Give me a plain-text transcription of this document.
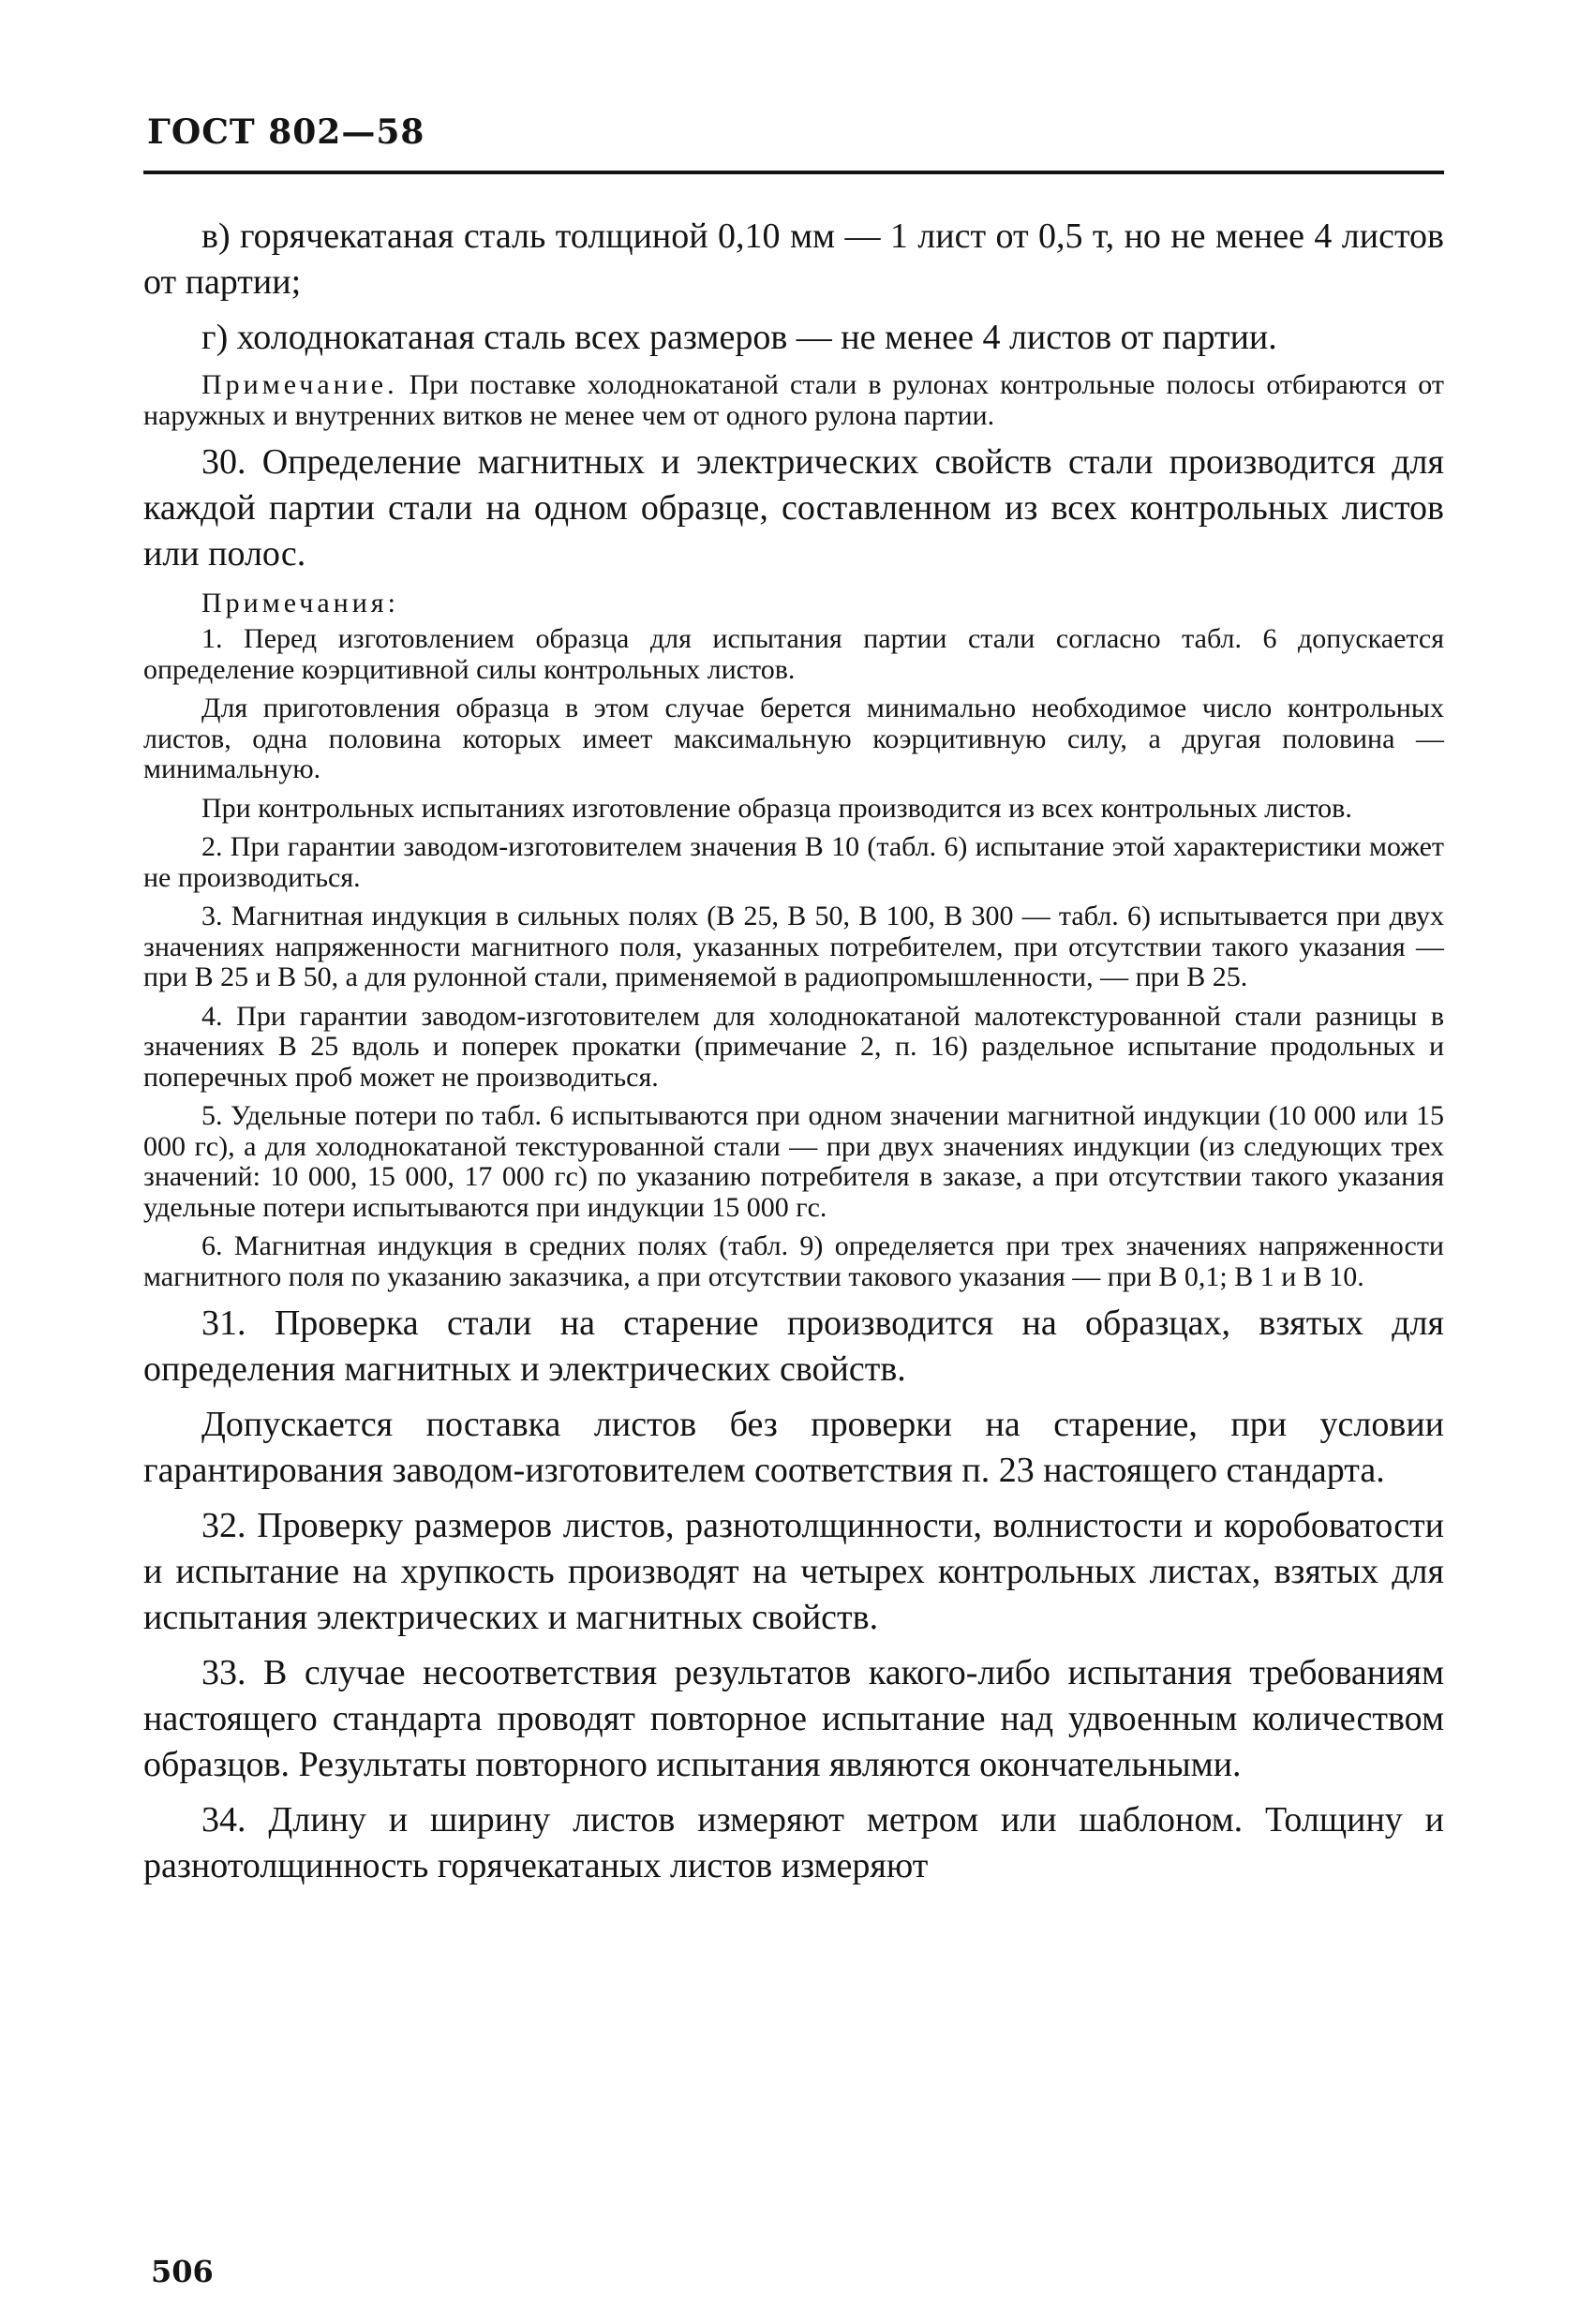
ГОСТ 802—58

в) горячекатаная сталь толщиной 0,10 мм — 1 лист от 0,5 т, но не менее 4 листов от партии;

г) холоднокатаная сталь всех размеров — не менее 4 листов от партии.

Примечание. При поставке холоднокатаной стали в рулонах контрольные полосы отбираются от наружных и внутренних витков не менее чем от одного рулона партии.

30. Определение магнитных и электрических свойств стали производится для каждой партии стали на одном образце, составленном из всех контрольных листов или полос.

Примечания:

1. Перед изготовлением образца для испытания партии стали согласно табл. 6 допускается определение коэрцитивной силы контрольных листов.

Для приготовления образца в этом случае берется минимально необходимое число контрольных листов, одна половина которых имеет максимальную коэрцитивную силу, а другая половина — минимальную.

При контрольных испытаниях изготовление образца производится из всех контрольных листов.

2. При гарантии заводом-изготовителем значения В 10 (табл. 6) испытание этой характеристики может не производиться.

3. Магнитная индукция в сильных полях (В 25, В 50, В 100, В 300 — табл. 6) испытывается при двух значениях напряженности магнитного поля, указанных потребителем, при отсутствии такого указания — при В 25 и В 50, а для рулонной стали, применяемой в радиопромышленности, — при В 25.

4. При гарантии заводом-изготовителем для холоднокатаной малотекстурованной стали разницы в значениях В 25 вдоль и поперек прокатки (примечание 2, п. 16) раздельное испытание продольных и поперечных проб может не производиться.

5. Удельные потери по табл. 6 испытываются при одном значении магнитной индукции (10 000 или 15 000 гс), а для холоднокатаной текстурованной стали — при двух значениях индукции (из следующих трех значений: 10 000, 15 000, 17 000 гс) по указанию потребителя в заказе, а при отсутствии такого указания удельные потери испытываются при индукции 15 000 гс.

6. Магнитная индукция в средних полях (табл. 9) определяется при трех значениях напряженности магнитного поля по указанию заказчика, а при отсутствии такового указания — при В 0,1; В 1 и В 10.

31. Проверка стали на старение производится на образцах, взятых для определения магнитных и электрических свойств.

Допускается поставка листов без проверки на старение, при условии гарантирования заводом-изготовителем соответствия п. 23 настоящего стандарта.

32. Проверку размеров листов, разнотолщинности, волнистости и коробоватости и испытание на хрупкость производят на четырех контрольных листах, взятых для испытания электрических и магнитных свойств.

33. В случае несоответствия результатов какого-либо испытания требованиям настоящего стандарта проводят повторное испытание над удвоенным количеством образцов. Результаты повторного испытания являются окончательными.

34. Длину и ширину листов измеряют метром или шаблоном. Толщину и разнотолщинность горячекатаных листов измеряют

506
